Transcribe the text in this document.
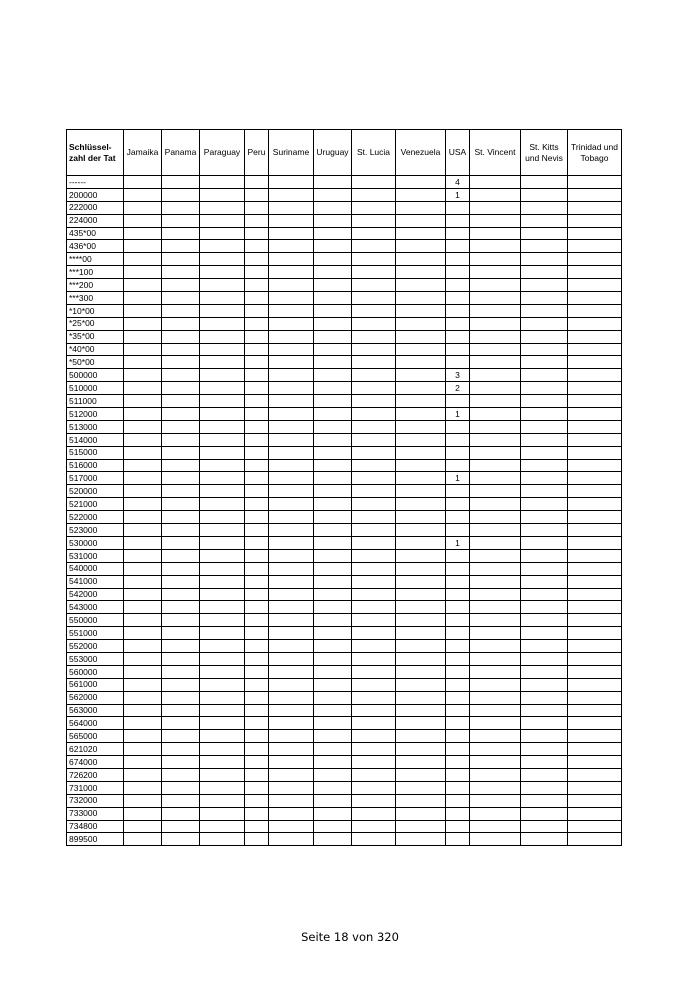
Schlüssel-zahl der Tat	Jamaika	Panama	Paraguay	Peru	Suriname	Uruguay	St. Lucia	Venezuela	USA	St. Vincent	St. Kitts und Nevis	Trinidad und Tobago
------									4			
200000									1			
222000												
224000												
435*00												
436*00												
****00												
***100												
***200												
***300												
*10*00												
*25*00												
*35*00												
*40*00												
*50*00												
500000									3			
510000									2			
511000												
512000									1			
513000												
514000												
515000												
516000												
517000									1			
520000												
521000												
522000												
523000												
530000									1			
531000												
540000												
541000												
542000												
543000												
550000												
551000												
552000												
553000												
560000												
561000												
562000												
563000												
564000												
565000												
621020												
674000												
726200												
731000												
732000												
733000												
734800												
899500												
Seite 18 von 320
